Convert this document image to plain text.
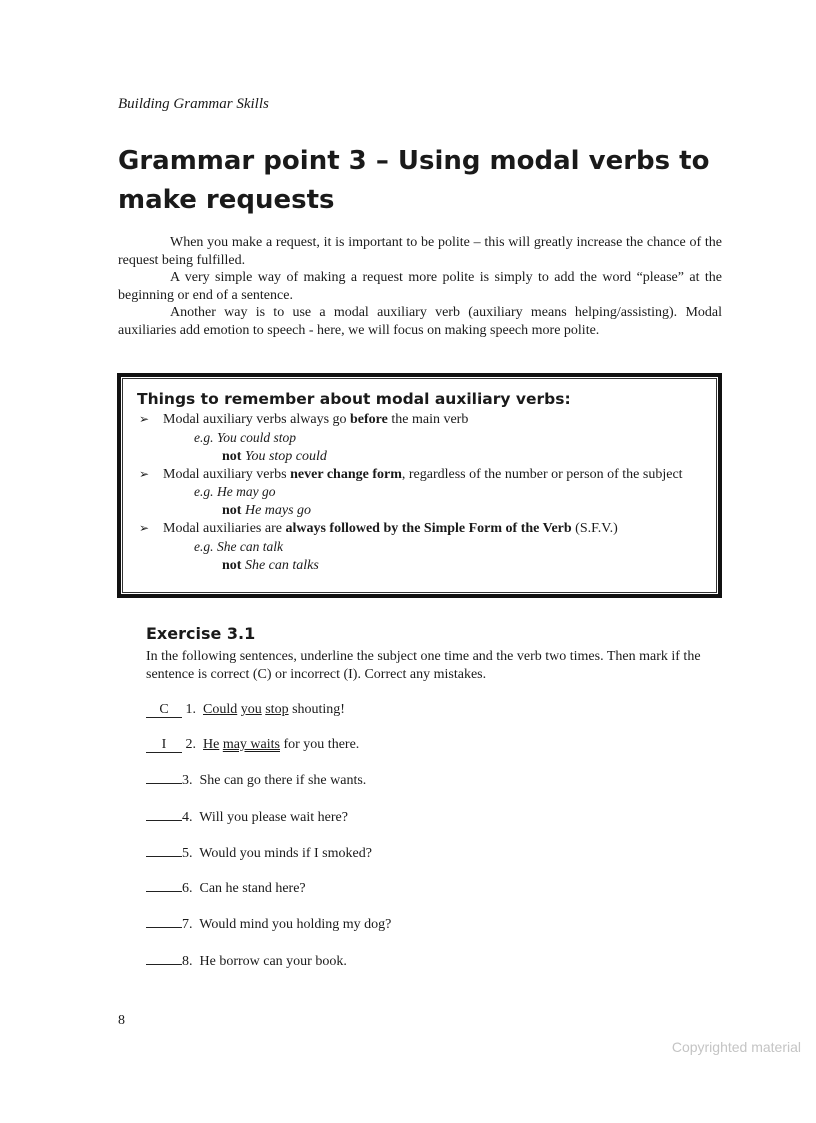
Building Grammar Skills
Grammar point 3 – Using modal verbs to make requests

When you make a request, it is important to be polite – this will greatly increase the chance of the request being fulfilled.

A very simple way of making a request more polite is simply to add the word “please” at the beginning or end of a sentence.

Another way is to use a modal auxiliary verb (auxiliary means helping/assisting). Modal auxiliaries add emotion to speech - here, we will focus on making speech more polite.

Things to remember about modal auxiliary verbs:
➢ Modal auxiliary verbs always go before the main verb
e.g. You could stop
not You stop could
➢ Modal auxiliary verbs never change form, regardless of the number or person of the subject
e.g. He may go
not He mays go
➢ Modal auxiliaries are always followed by the Simple Form of the Verb (S.F.V.)
e.g. She can talk
not She can talks
Exercise 3.1

In the following sentences, underline the subject one time and the verb two times. Then mark if the sentence is correct (C) or incorrect (I). Correct any mistakes.

C 1. Could you stop shouting!
I 2. He may waits for you there.
3. She can go there if she wants.
4. Will you please wait here?
5. Would you minds if I smoked?
6. Can he stand here?
7. Would mind you holding my dog?
8. He borrow can your book.
8
Copyrighted material
